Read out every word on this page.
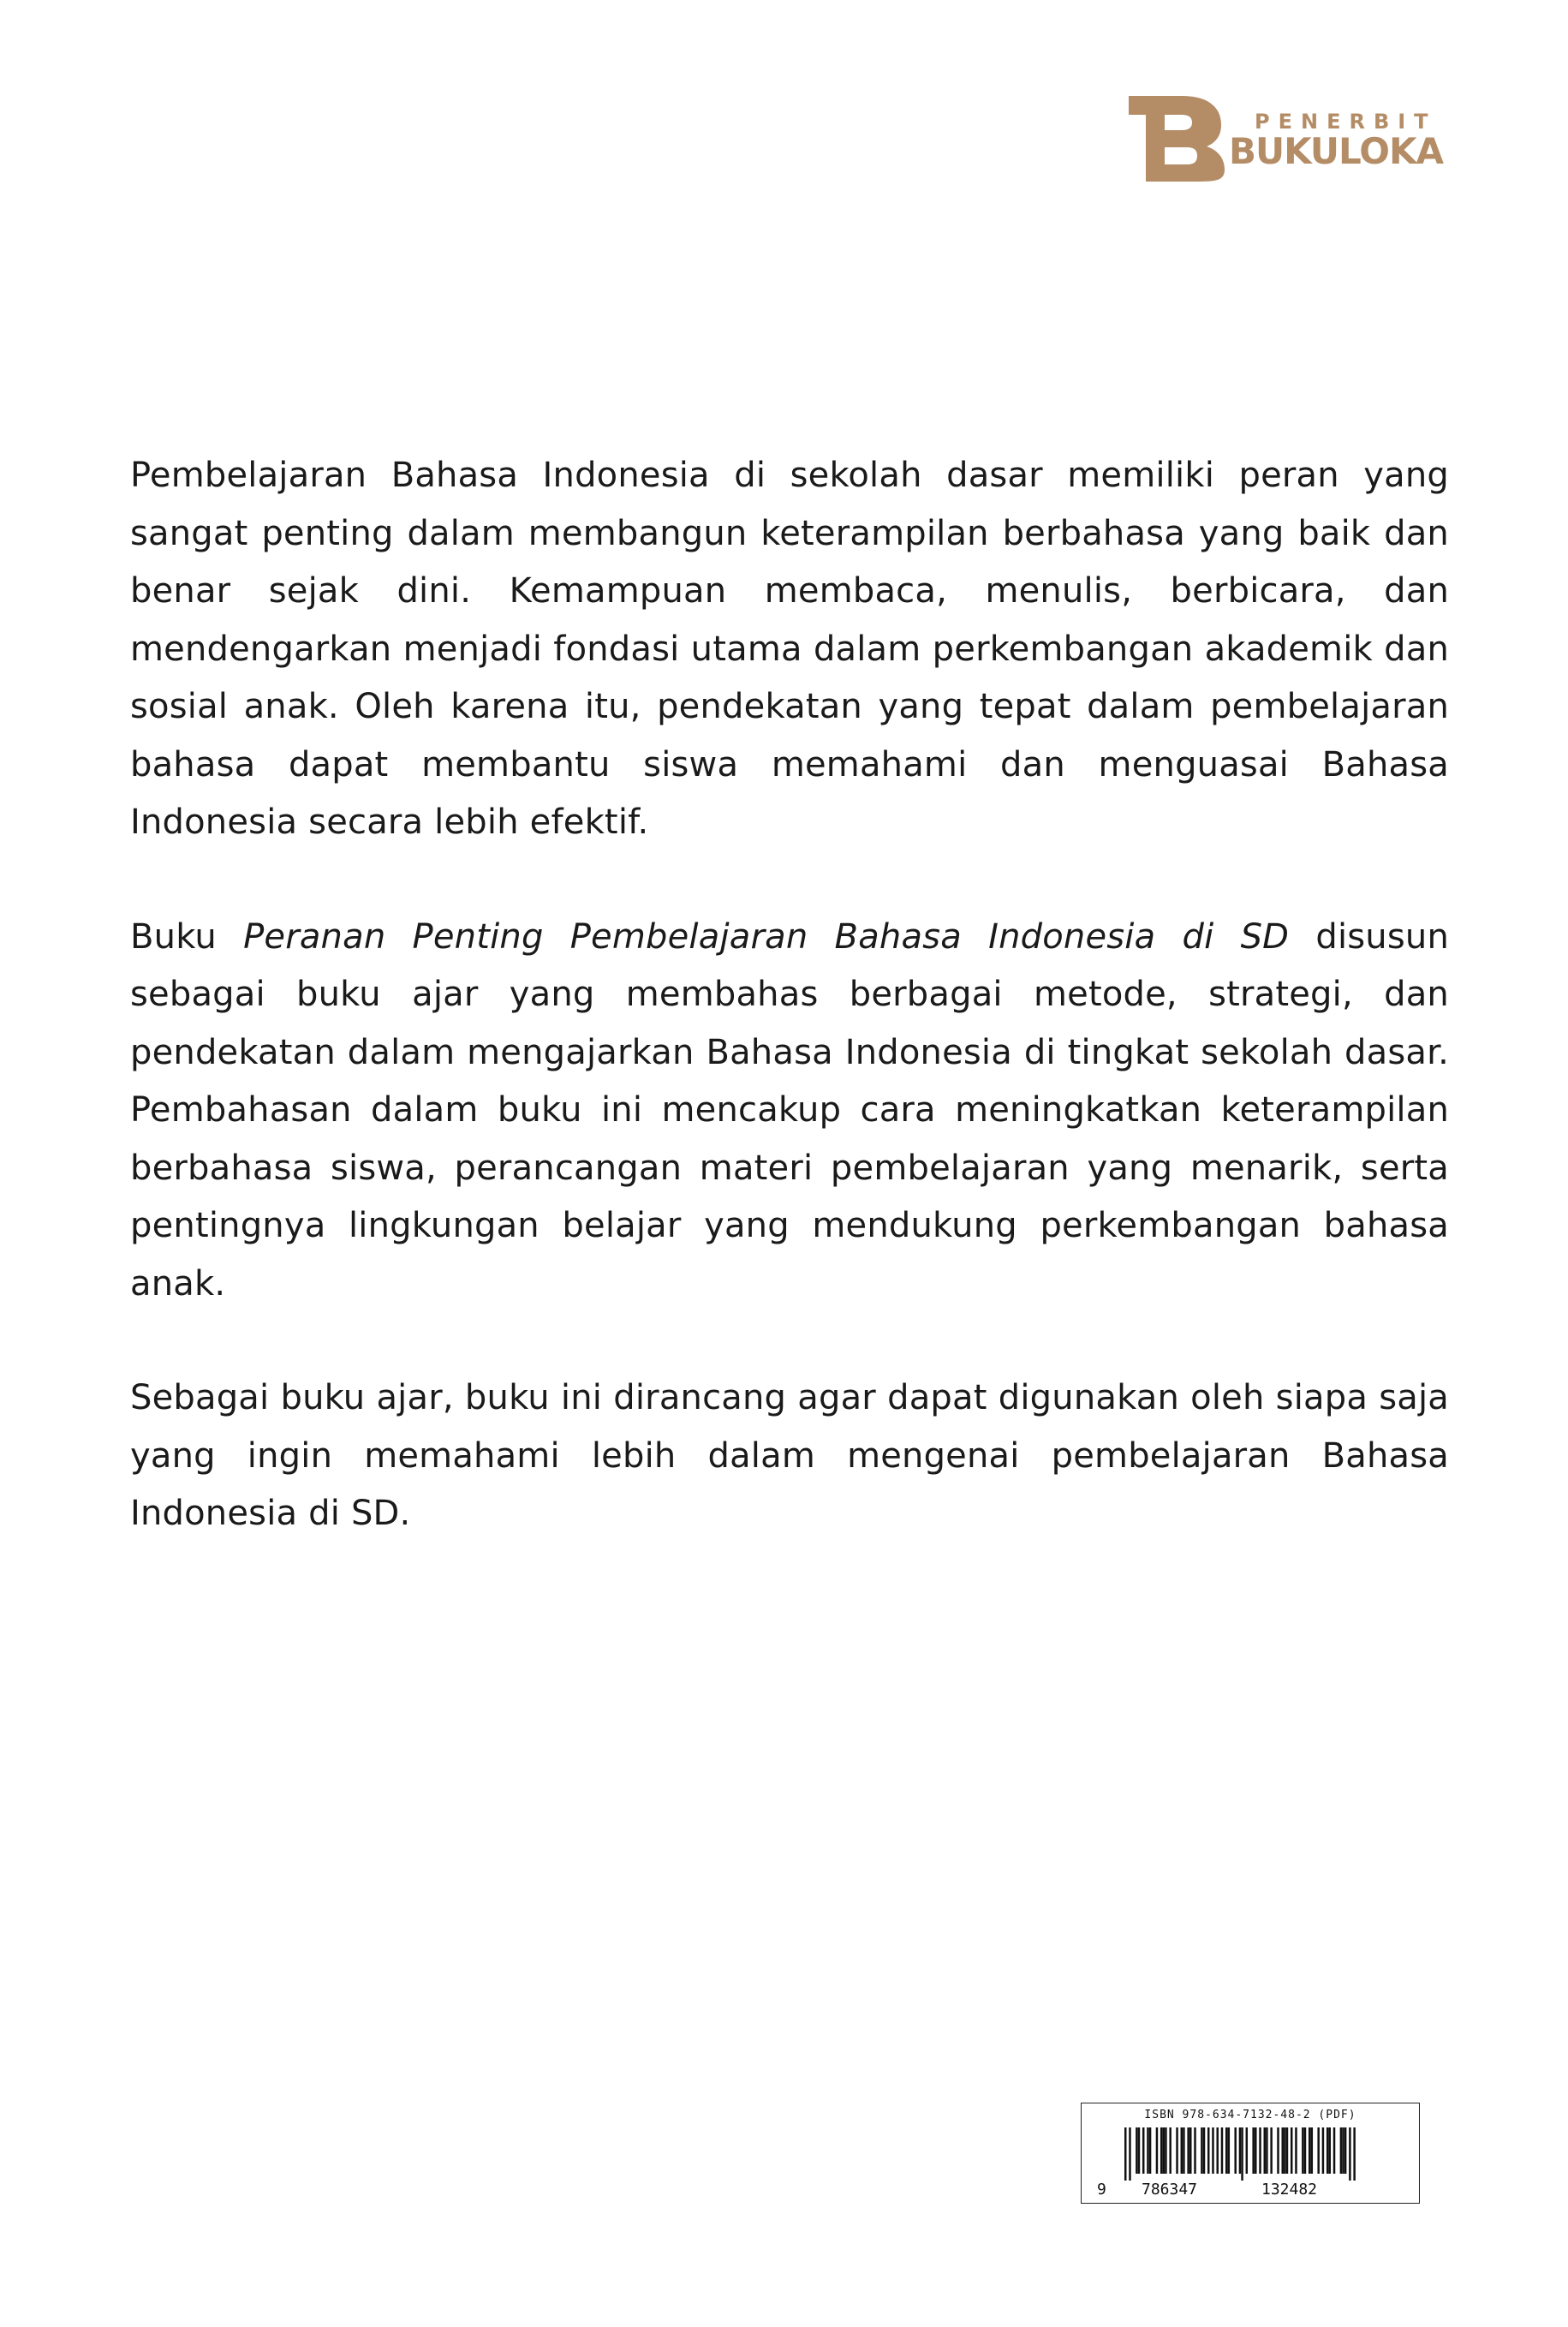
PENERBIT
BUKULOKA

Pembelajaran Bahasa Indonesia di sekolah dasar memiliki peran yang sangat penting dalam membangun keterampilan berbahasa yang baik dan benar sejak dini. Kemampuan membaca, menulis, berbicara, dan mendengarkan menjadi fondasi utama dalam perkembangan akademik dan sosial anak. Oleh karena itu, pendekatan yang tepat dalam pembelajaran bahasa dapat membantu siswa memahami dan menguasai Bahasa Indonesia secara lebih efektif.

Buku Peranan Penting Pembelajaran Bahasa Indonesia di SD disusun sebagai buku ajar yang membahas berbagai metode, strategi, dan pendekatan dalam mengajarkan Bahasa Indonesia di tingkat sekolah dasar. Pembahasan dalam buku ini mencakup cara meningkatkan keterampilan berbahasa siswa, perancangan materi pembelajaran yang menarik, serta pentingnya lingkungan belajar yang mendukung perkembangan bahasa anak.

Sebagai buku ajar, buku ini dirancang agar dapat digunakan oleh siapa saja yang ingin memahami lebih dalam mengenai pembelajaran Bahasa Indonesia di SD.

ISBN 978-634-7132-48-2 (PDF)
9 786347	132482
